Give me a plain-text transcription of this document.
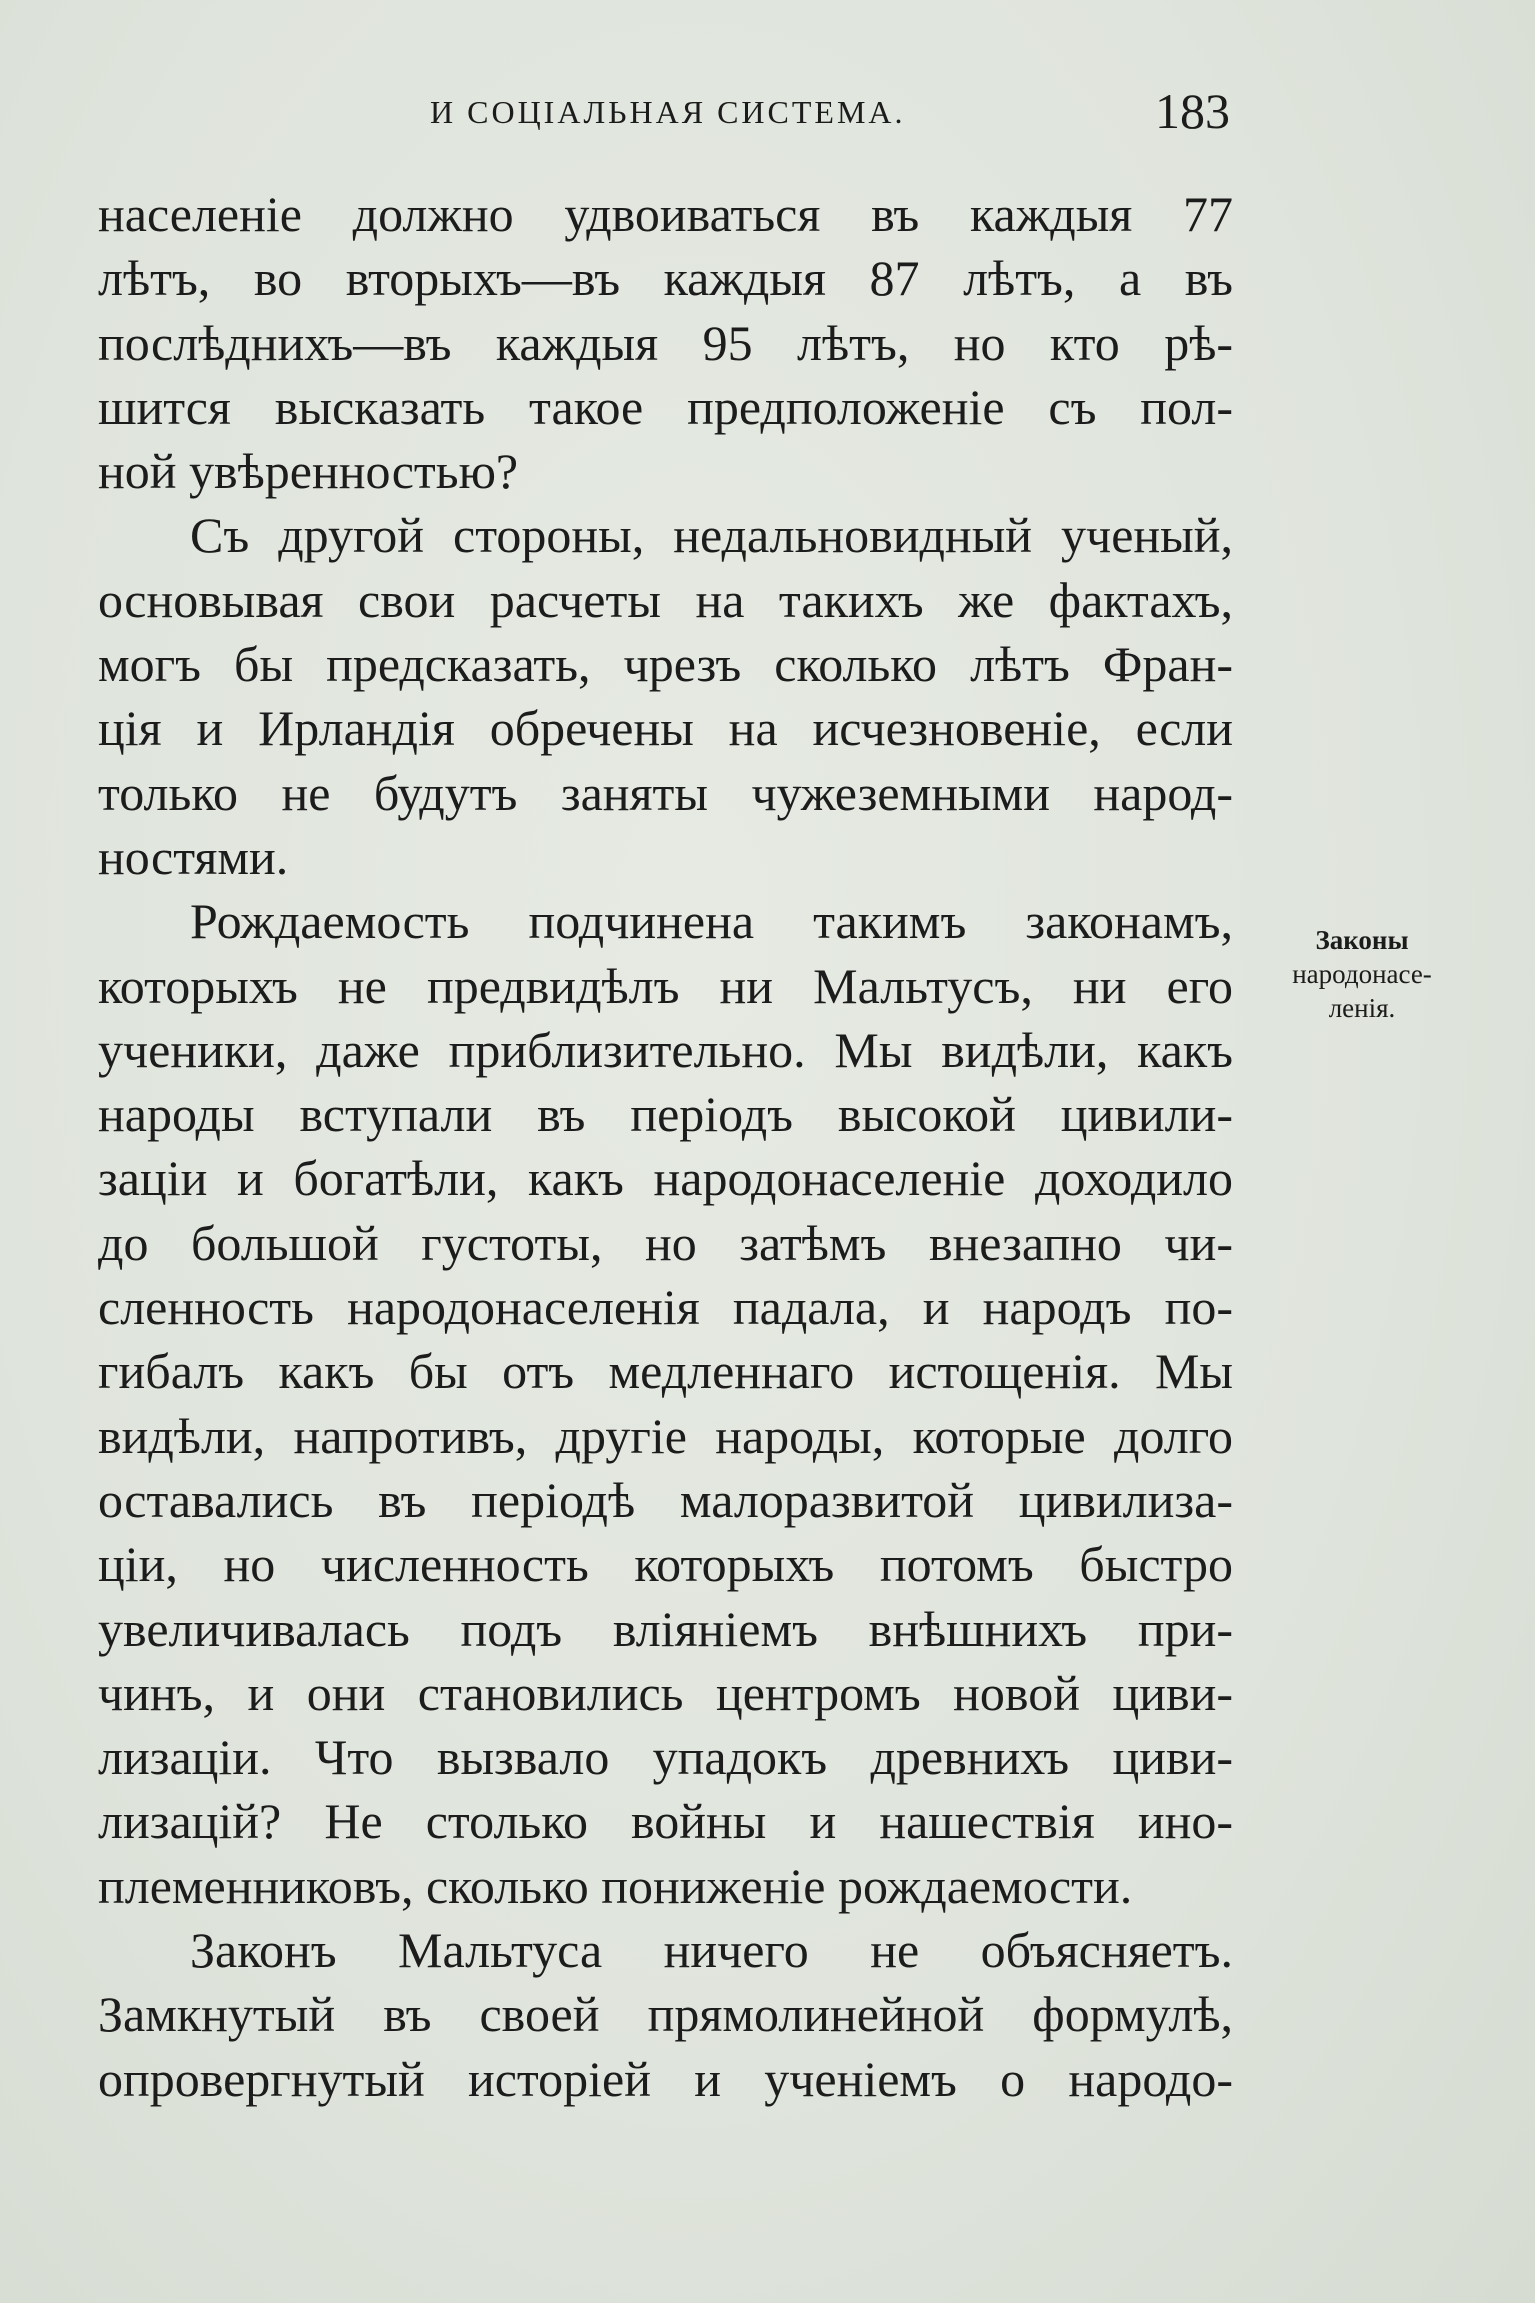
И СОЦІАЛЬНАЯ СИСТЕМА.	183
населеніе должно удвоиваться въ каждыя 77
лѣтъ, во вторыхъ—въ каждыя 87 лѣтъ, а въ
послѣднихъ—въ каждыя 95 лѣтъ, но кто рѣ-
шится высказать такое предположеніе съ пол-
ной увѣренностью?
Съ другой стороны, недальновидный ученый,
основывая свои расчеты на такихъ же фактахъ,
могъ бы предсказать, чрезъ сколько лѣтъ Фран-
ція и Ирландія обречены на исчезновеніе, если
только не будутъ заняты чужеземными народ-
ностями.
Рождаемость подчинена такимъ законамъ,
которыхъ не предвидѣлъ ни Мальтусъ, ни его
ученики, даже приблизительно. Мы видѣли, какъ
народы вступали въ періодъ высокой цивили-
заціи и богатѣли, какъ народонаселеніе доходило
до большой густоты, но затѣмъ внезапно чи-
сленность народонаселенія падала, и народъ по-
гибалъ какъ бы отъ медленнаго истощенія. Мы
видѣли, напротивъ, другіе народы, которые долго
оставались въ періодѣ малоразвитой цивилиза-
ціи, но численность которыхъ потомъ быстро
увеличивалась подъ вліяніемъ внѣшнихъ при-
чинъ, и они становились центромъ новой циви-
лизаціи. Что вызвало упадокъ древнихъ циви-
лизацій? Не столько войны и нашествія ино-
племенниковъ, сколько пониженіе рождаемости.
Законъ Мальтуса ничего не объясняетъ.
Замкнутый въ своей прямолинейной формулѣ,
опровергнутый исторіей и ученіемъ о народо-
Законы
народонасе-
ленія.
